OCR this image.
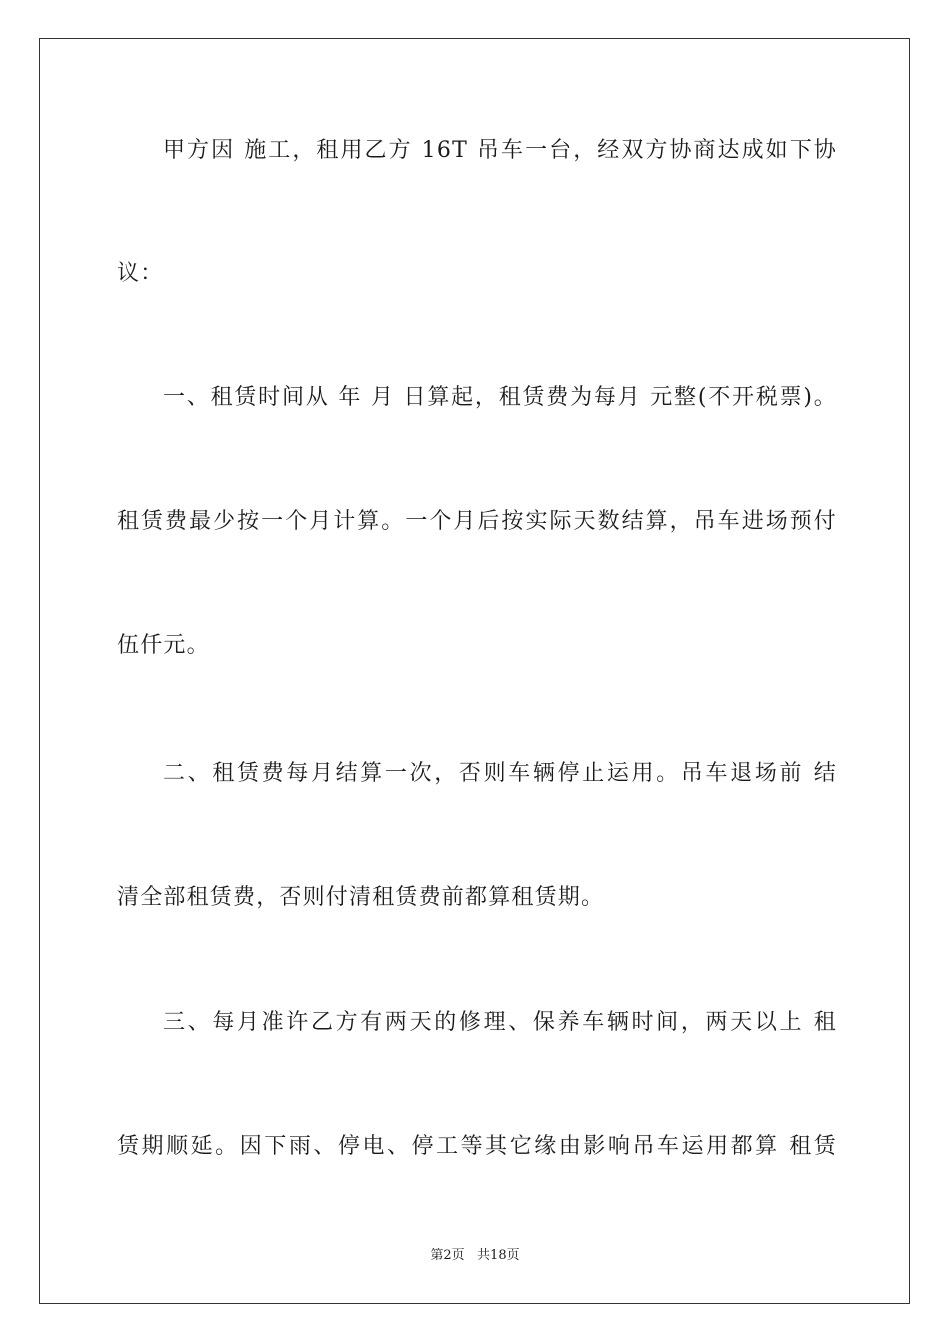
甲方因 施工，租用乙方 16T 吊车一台，经双方协商达成如下协
议：
一、租赁时间从 年 月 日算起，租赁费为每月 元整(不开税票)。
租赁费最少按一个月计算。一个月后按实际天数结算，吊车进场预付
伍仟元。
二、租赁费每月结算一次，否则车辆停止运用。吊车退场前 结
清全部租赁费，否则付清租赁费前都算租赁期。
三、每月准许乙方有两天的修理、保养车辆时间，两天以上 租
赁期顺延。因下雨、停电、停工等其它缘由影响吊车运用都算 租赁
第2页   共18页
